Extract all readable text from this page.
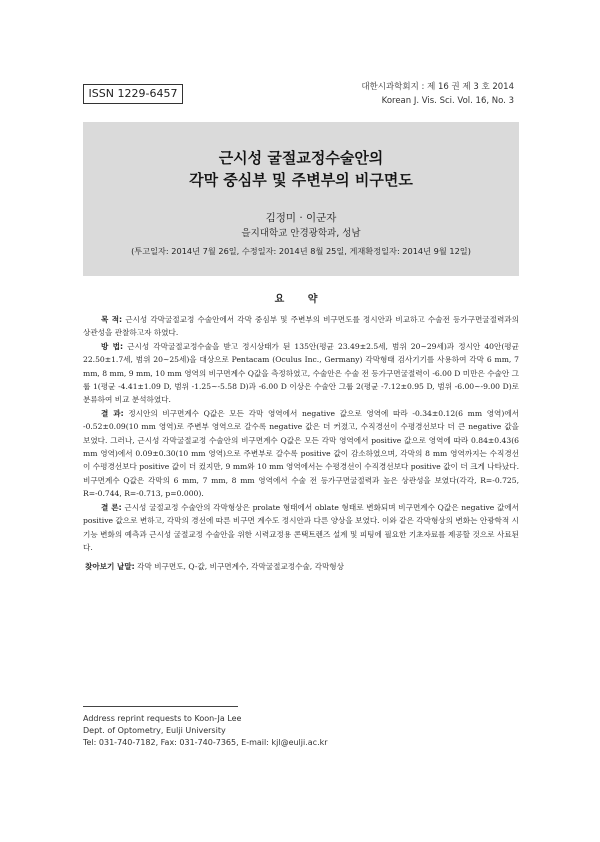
ISSN 1229-6457	대한시과학회지 : 제 16 권 제 3 호 2014
Korean J. Vis. Sci. Vol. 16, No. 3
근시성 굴절교정수술안의
각막 중심부 및 주변부의 비구면도
김정미 · 이군자
을지대학교 안경광학과, 성남
(투고일자: 2014년 7월 26일, 수정일자: 2014년 8월 25일, 게재확정일자: 2014년 9월 12일)
요 약

목 적: 근시성 각막굴절교정 수술안에서 각막 중심부 및 주변부의 비구면도를 정시안과 비교하고 수술전 등가구면굴절력과의 상관성을 관찰하고자 하였다.

방 법: 근시성 각막굴절교정수술을 받고 정시상태가 된 135안(평균 23.49±2.5세, 범위 20~29세)과 정시안 40안(평균 22.50±1.7세, 범위 20~25세)을 대상으로 Pentacam (Oculus Inc., Germany) 각막형태 검사기기를 사용하여 각막 6 mm, 7 mm, 8 mm, 9 mm, 10 mm 영역의 비구면계수 Q값을 측정하였고, 수술안은 수술 전 등가구면굴절력이 -6.00 D 미만은 수술안 그룹 1(평균 -4.41±1.09 D, 범위 -1.25~-5.58 D)과 -6.00 D 이상은 수술안 그룹 2(평균 -7.12±0.95 D, 범위 -6.00~-9.00 D)로 분류하여 비교 분석하였다.

결 과: 정시안의 비구면계수 Q값은 모든 각막 영역에서 negative 값으로 영역에 따라 -0.34±0.12(6 mm 영역)에서 -0.52±0.09(10 mm 영역)로 주변부 영역으로 갈수록 negative 값은 더 커졌고, 수직경선이 수평경선보다 더 큰 negative 값을 보였다. 그러나, 근시성 각막굴절교정 수술안의 비구면계수 Q값은 모든 각막 영역에서 positive 값으로 영역에 따라 0.84±0.43(6 mm 영역)에서 0.09±0.30(10 mm 영역)으로 주변부로 갈수록 positive 값이 감소하였으며, 각막의 8 mm 영역까지는 수직경선이 수평경선보다 positive 값이 더 컸지만, 9 mm와 10 mm 영역에서는 수평경선이 수직경선보다 positive 값이 더 크게 나타났다. 비구면계수 Q값은 각막의 6 mm, 7 mm, 8 mm 영역에서 수술 전 등가구면굴절력과 높은 상관성을 보였다(각각, R=-0.725, R=-0.744, R=-0.713, p=0.000).

결 론: 근시성 굴절교정 수술안의 각막형상은 prolate 형태에서 oblate 형태로 변화되며 비구면계수 Q값은 negative 값에서 positive 값으로 변하고, 각막의 경선에 따른 비구면 계수도 정시안과 다른 양상을 보였다. 이와 같은 각막형상의 변화는 안광학적 시기능 변화의 예측과 근시성 굴절교정 수술안을 위한 시력교정용 콘택트렌즈 설계 및 피팅에 필요한 기초자료를 제공할 것으로 사료된다.

찾아보기 낱말: 각막 비구면도, Q-값, 비구면계수, 각막굴절교정수술, 각막형상
Address reprint requests to Koon-Ja Lee
Dept. of Optometry, Eulji University
Tel: 031-740-7182, Fax: 031-740-7365, E-mail: kjl@eulji.ac.kr
